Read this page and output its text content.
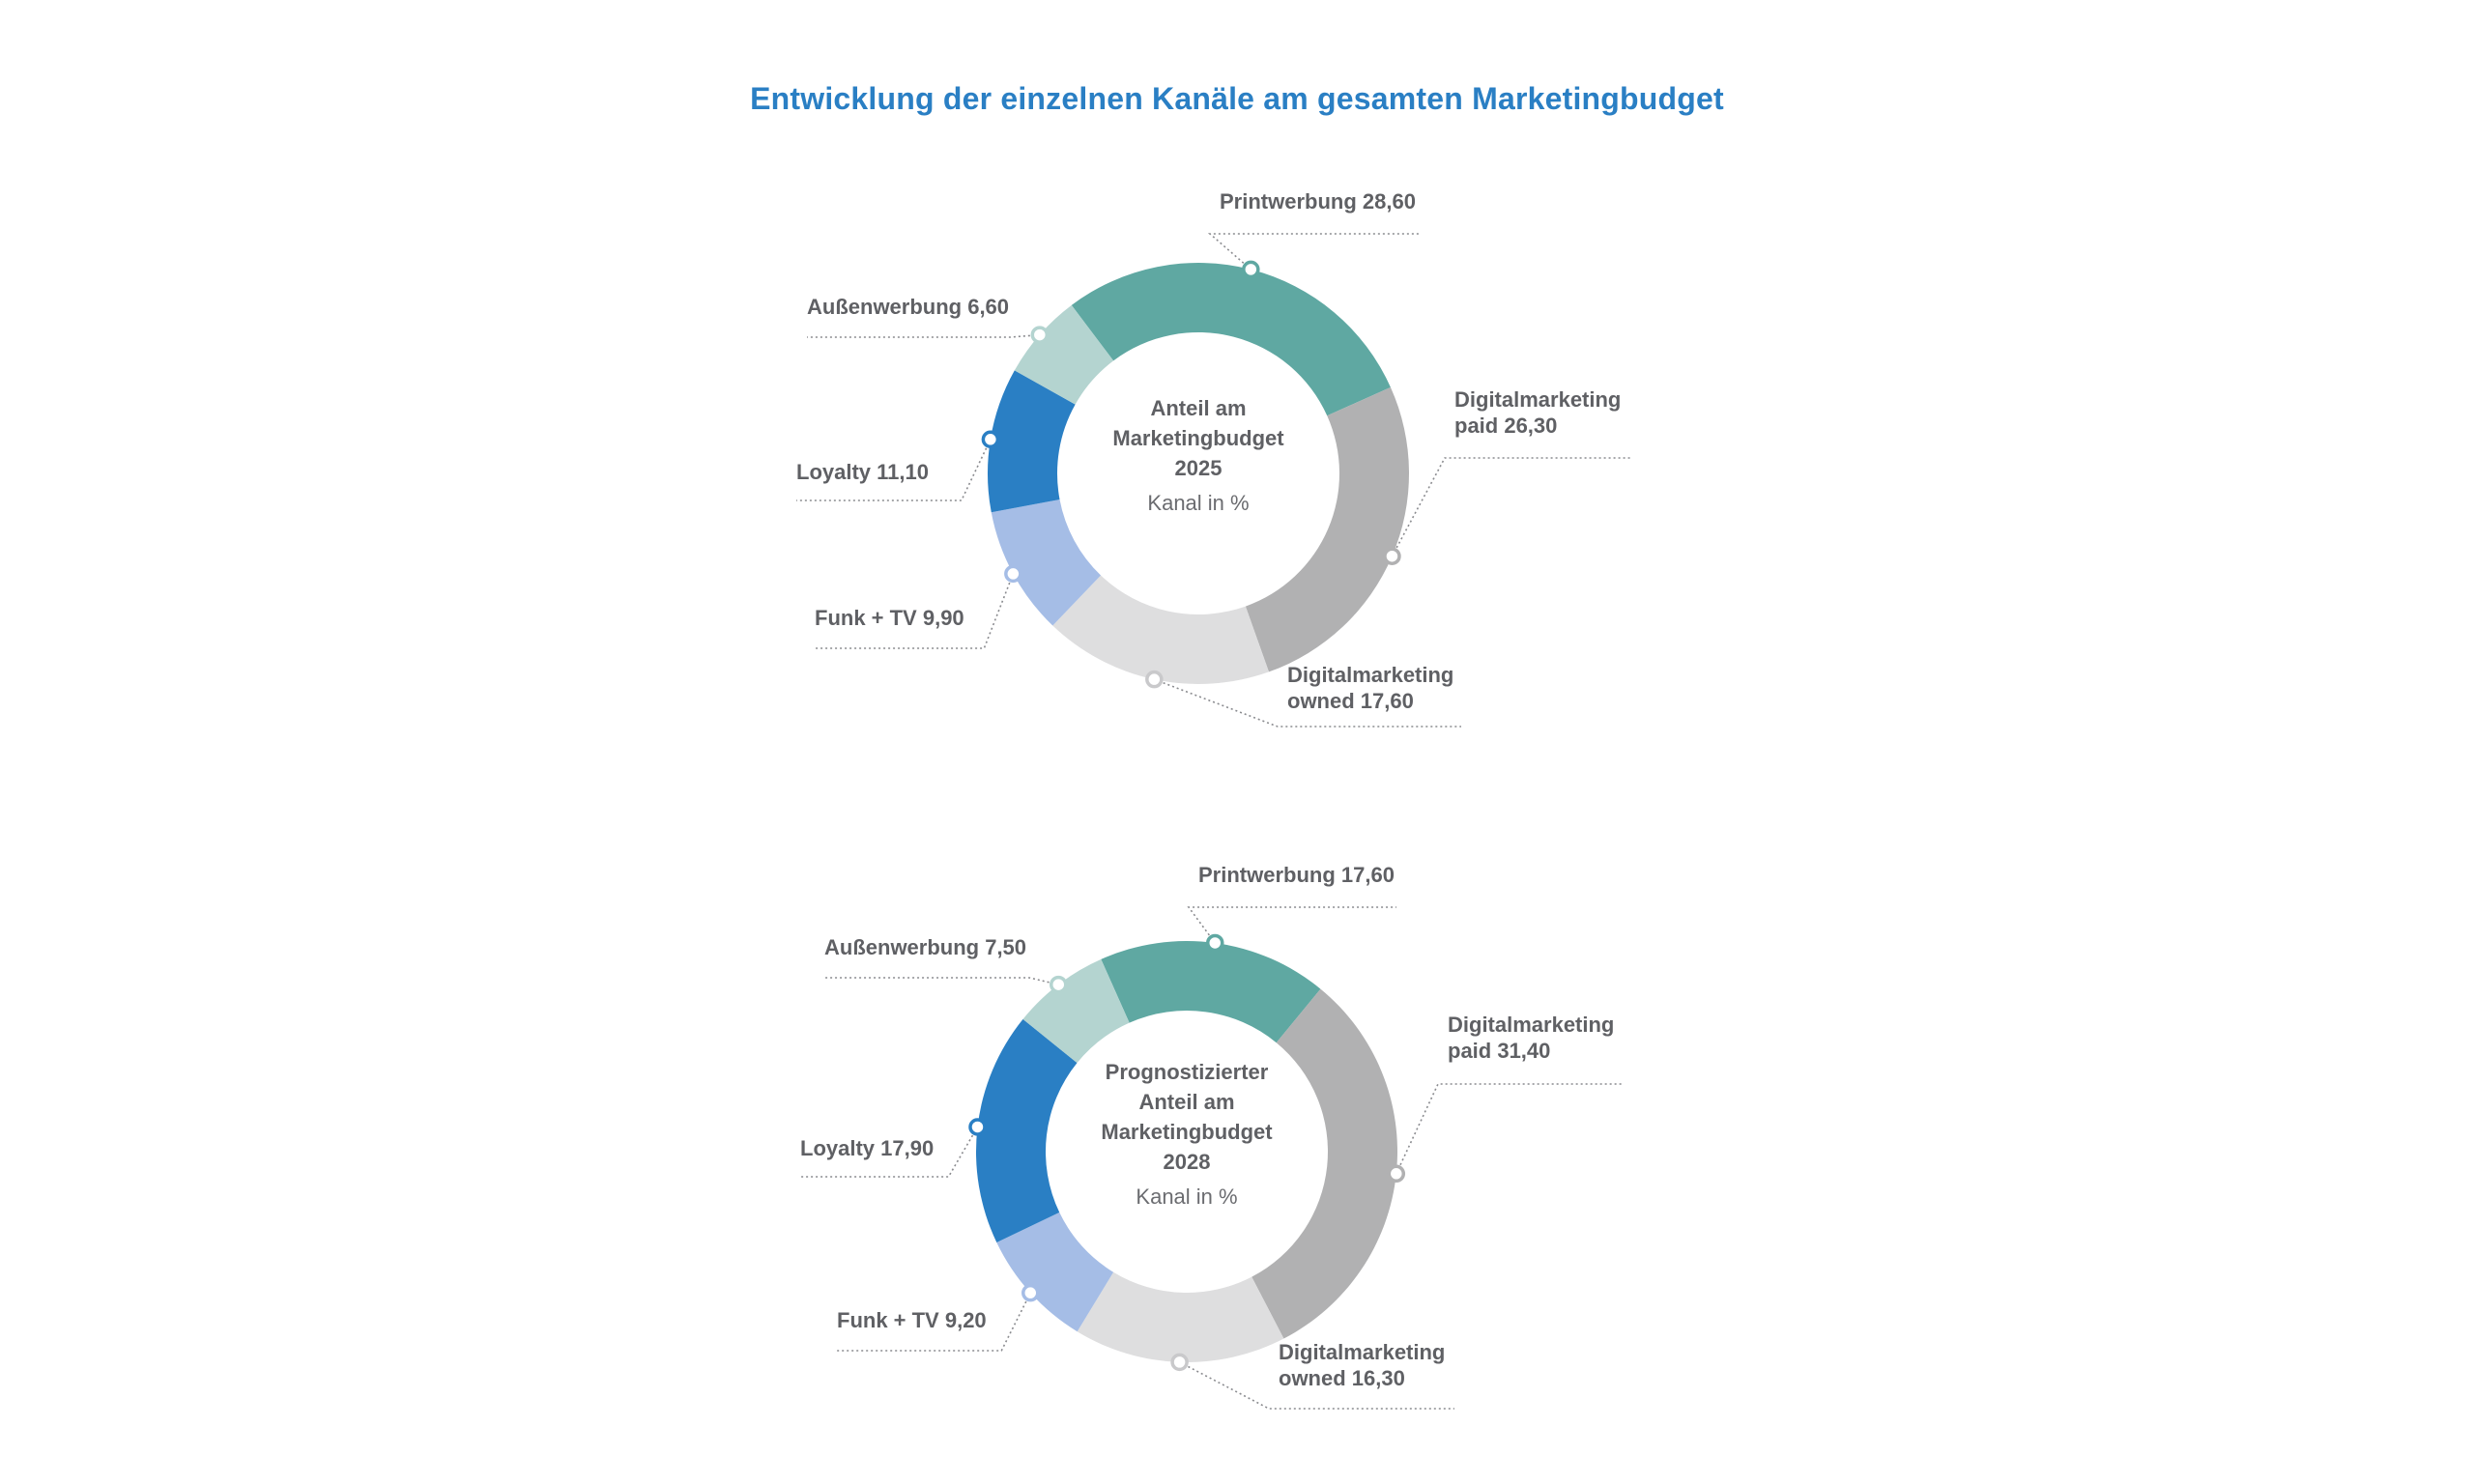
Entwicklung der einzelnen Kanäle am gesamten Marketingbudget
Printwerbung 28,60
Digitalmarketing paid 26,30
Digitalmarketing owned 17,60
Funk + TV 9,90
Loyalty 11,10
Außenwerbung 6,60
Anteil am
Marketingbudget
2025
Kanal in %
Printwerbung 17,60
Digitalmarketing paid 31,40
Digitalmarketing owned 16,30
Funk + TV 9,20
Loyalty 17,90
Außenwerbung 7,50
Prognostizierter
Anteil am
Marketingbudget
2028
Kanal in %
